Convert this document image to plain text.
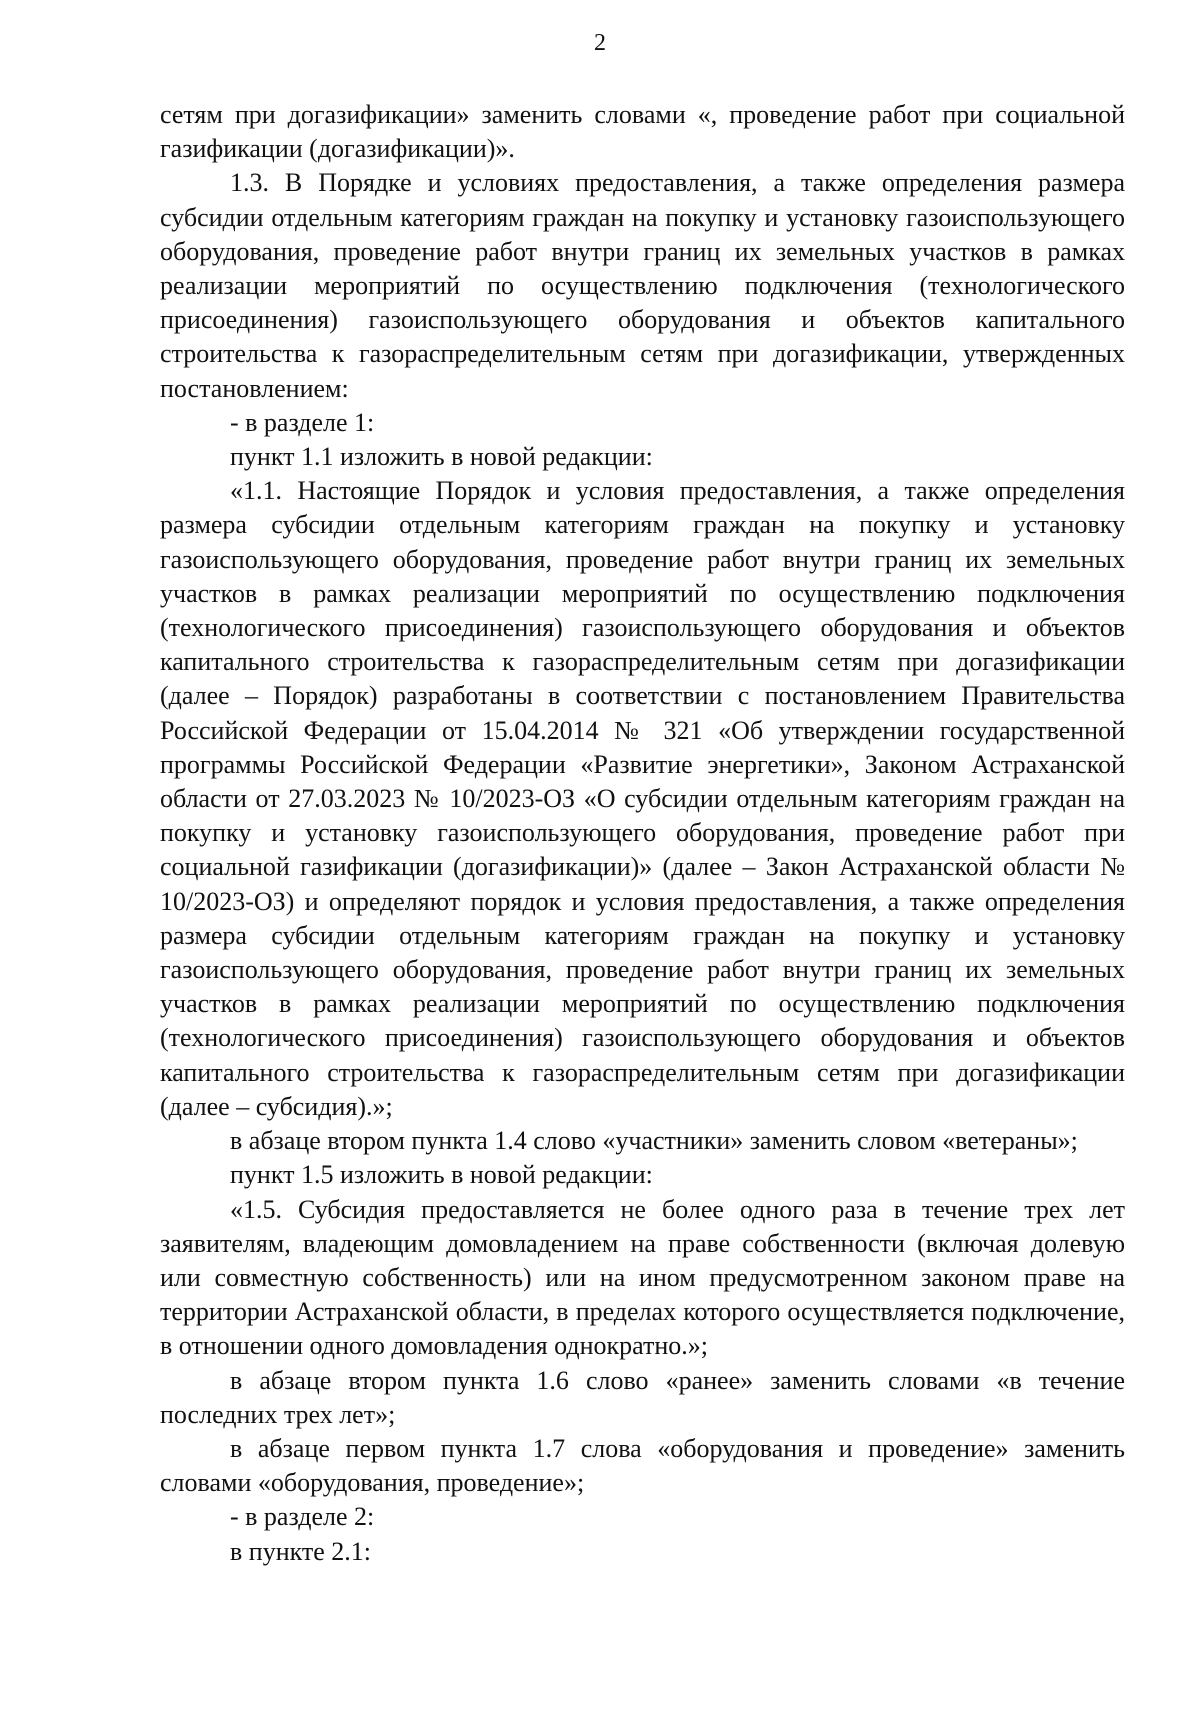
2

сетям при догазификации» заменить словами «, проведение работ при социальной газификации (догазификации)».

1.3. В Порядке и условиях предоставления, а также определения размера субсидии отдельным категориям граждан на покупку и установку газоиспользующего оборудования, проведение работ внутри границ их земельных участков в рамках реализации мероприятий по осуществлению подключения (технологического присоединения) газоиспользующего оборудования и объектов капитального строительства к газораспределительным сетям при догазификации, утвержденных постановлением:

- в разделе 1:

пункт 1.1 изложить в новой редакции:

«1.1. Настоящие Порядок и условия предоставления, а также определения размера субсидии отдельным категориям граждан на покупку и установку газоиспользующего оборудования, проведение работ внутри границ их земельных участков в рамках реализации мероприятий по осуществлению подключения (технологического присоединения) газоиспользующего оборудования и объектов капитального строительства к газораспределительным сетям при догазификации (далее – Порядок) разработаны в соответствии с постановлением Правительства Российской Федерации от 15.04.2014 № 321 «Об утверждении государственной программы Российской Федерации «Развитие энергетики», Законом Астраханской области от 27.03.2023 № 10/2023-ОЗ «О субсидии отдельным категориям граждан на покупку и установку газоиспользующего оборудования, проведение работ при социальной газификации (догазификации)» (далее – Закон Астраханской области № 10/2023-ОЗ) и определяют порядок и условия предоставления, а также определения размера субсидии отдельным категориям граждан на покупку и установку газоиспользующего оборудования, проведение работ внутри границ их земельных участков в рамках реализации мероприятий по осуществлению подключения (технологического присоединения) газоиспользующего оборудования и объектов капитального строительства к газораспределительным сетям при догазификации (далее – субсидия).»;

в абзаце втором пункта 1.4 слово «участники» заменить словом «ветераны»;

пункт 1.5 изложить в новой редакции:

«1.5. Субсидия предоставляется не более одного раза в течение трех лет заявителям, владеющим домовладением на праве собственности (включая долевую или совместную собственность) или на ином предусмотренном законом праве на территории Астраханской области, в пределах которого осуществляется подключение, в отношении одного домовладения однократно.»;

в абзаце втором пункта 1.6 слово «ранее» заменить словами «в течение последних трех лет»;

в абзаце первом пункта 1.7 слова «оборудования и проведение» заменить словами «оборудования, проведение»;

- в разделе 2:

в пункте 2.1:
